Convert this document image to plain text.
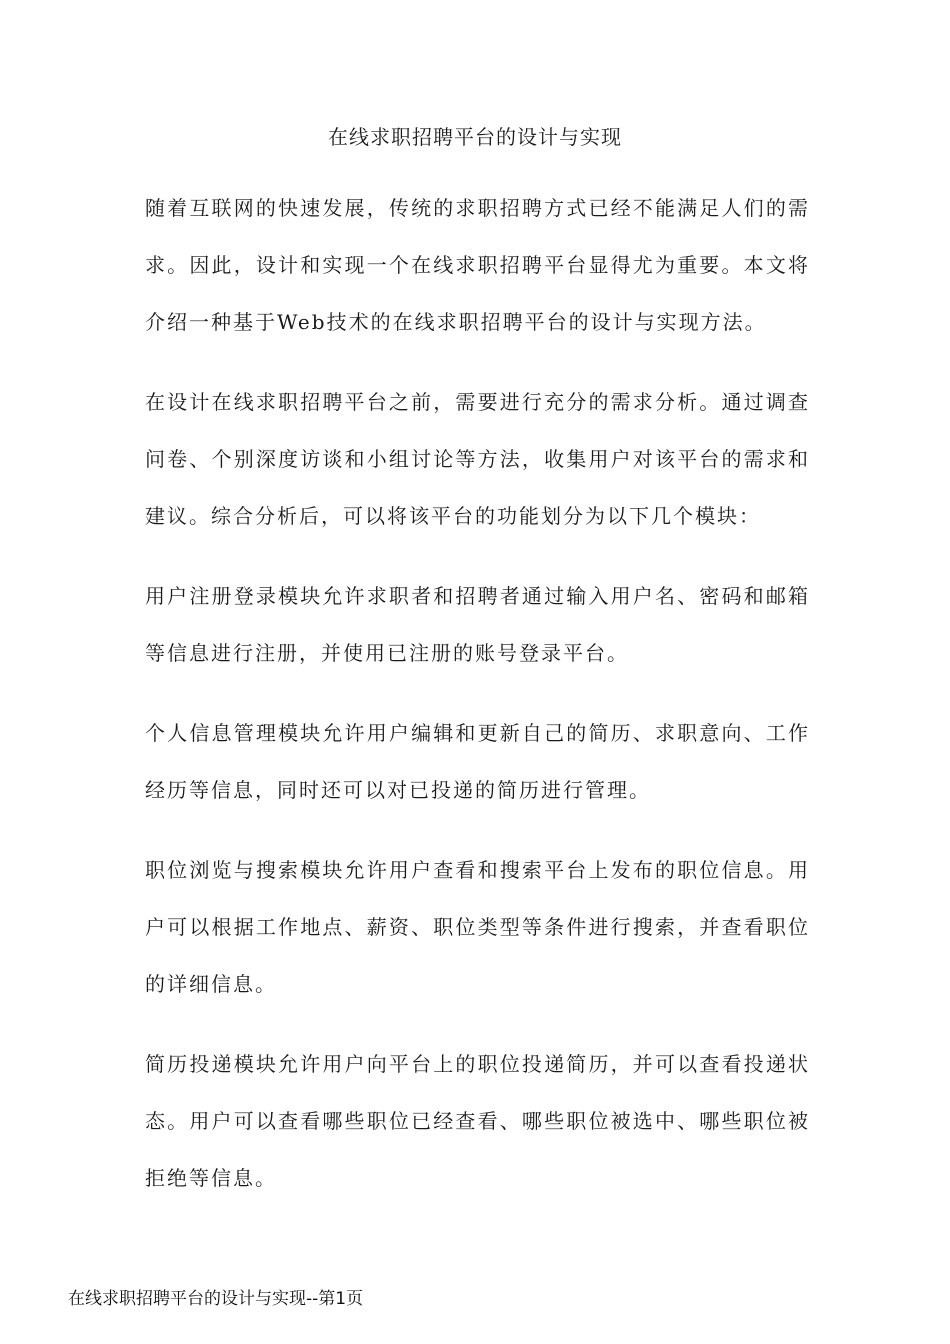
在线求职招聘平台的设计与实现

随着互联网的快速发展，传统的求职招聘方式已经不能满足人们的需求。因此，设计和实现一个在线求职招聘平台显得尤为重要。本文将介绍一种基于Web技术的在线求职招聘平台的设计与实现方法。

在设计在线求职招聘平台之前，需要进行充分的需求分析。通过调查问卷、个别深度访谈和小组讨论等方法，收集用户对该平台的需求和建议。综合分析后，可以将该平台的功能划分为以下几个模块：

用户注册登录模块允许求职者和招聘者通过输入用户名、密码和邮箱等信息进行注册，并使用已注册的账号登录平台。

个人信息管理模块允许用户编辑和更新自己的简历、求职意向、工作经历等信息，同时还可以对已投递的简历进行管理。

职位浏览与搜索模块允许用户查看和搜索平台上发布的职位信息。用户可以根据工作地点、薪资、职位类型等条件进行搜索，并查看职位的详细信息。

简历投递模块允许用户向平台上的职位投递简历，并可以查看投递状态。用户可以查看哪些职位已经查看、哪些职位被选中、哪些职位被拒绝等信息。

在线求职招聘平台的设计与实现--第1页
